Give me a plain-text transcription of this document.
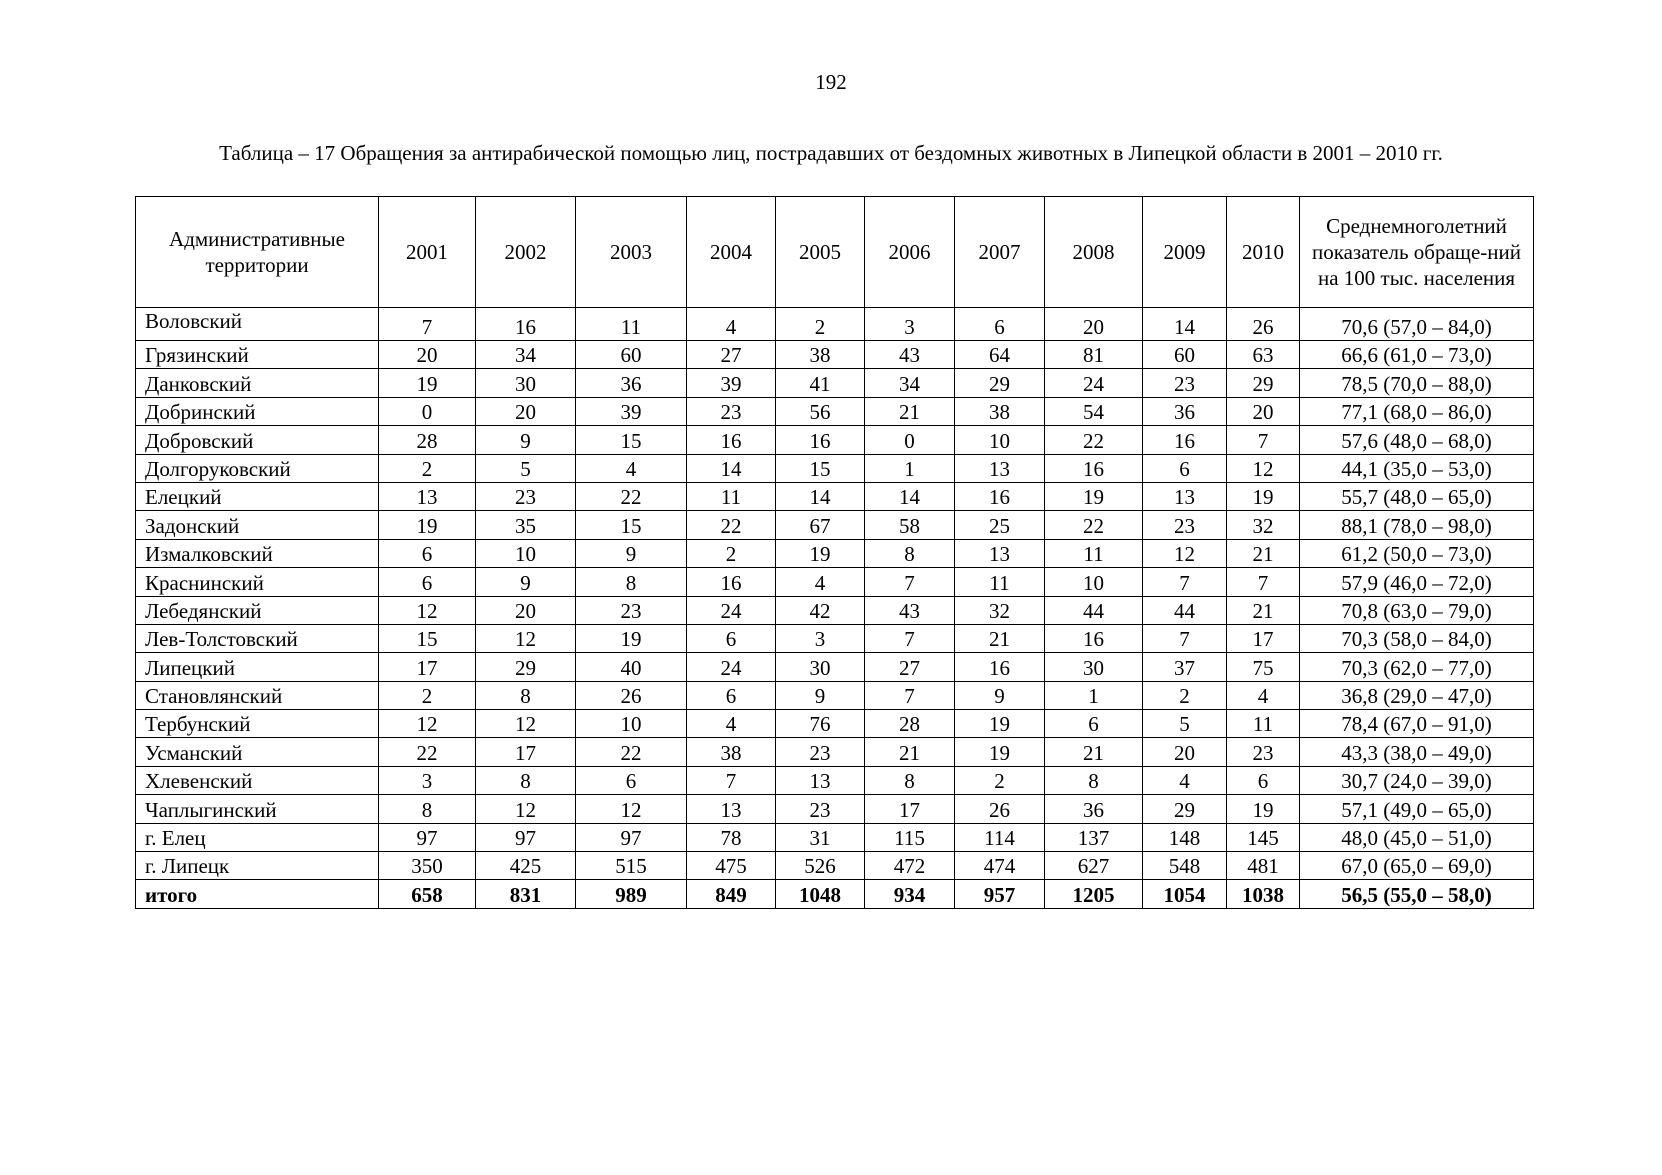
192
Таблица – 17 Обращения за антирабической помощью лиц, пострадавших от бездомных животных в Липецкой области в 2001 – 2010 гг.
Административные территории	2001	2002	2003	2004	2005	2006	2007	2008	2009	2010	Среднемноголетний показатель обраще-ний на 100 тыс. населения
Воловский	7	16	11	4	2	3	6	20	14	26	70,6 (57,0 – 84,0)
Грязинский	20	34	60	27	38	43	64	81	60	63	66,6 (61,0 – 73,0)
Данковский	19	30	36	39	41	34	29	24	23	29	78,5 (70,0 – 88,0)
Добринский	0	20	39	23	56	21	38	54	36	20	77,1 (68,0 – 86,0)
Добровский	28	9	15	16	16	0	10	22	16	7	57,6 (48,0 – 68,0)
Долгоруковский	2	5	4	14	15	1	13	16	6	12	44,1 (35,0 – 53,0)
Елецкий	13	23	22	11	14	14	16	19	13	19	55,7 (48,0 – 65,0)
Задонский	19	35	15	22	67	58	25	22	23	32	88,1 (78,0 – 98,0)
Измалковский	6	10	9	2	19	8	13	11	12	21	61,2 (50,0 – 73,0)
Краснинский	6	9	8	16	4	7	11	10	7	7	57,9 (46,0 – 72,0)
Лебедянский	12	20	23	24	42	43	32	44	44	21	70,8 (63,0 – 79,0)
Лев-Толстовский	15	12	19	6	3	7	21	16	7	17	70,3 (58,0 – 84,0)
Липецкий	17	29	40	24	30	27	16	30	37	75	70,3 (62,0 – 77,0)
Становлянский	2	8	26	6	9	7	9	1	2	4	36,8 (29,0 – 47,0)
Тербунский	12	12	10	4	76	28	19	6	5	11	78,4 (67,0 – 91,0)
Усманский	22	17	22	38	23	21	19	21	20	23	43,3 (38,0 – 49,0)
Хлевенский	3	8	6	7	13	8	2	8	4	6	30,7 (24,0 – 39,0)
Чаплыгинский	8	12	12	13	23	17	26	36	29	19	57,1 (49,0 – 65,0)
г. Елец	97	97	97	78	31	115	114	137	148	145	48,0 (45,0 – 51,0)
г. Липецк	350	425	515	475	526	472	474	627	548	481	67,0 (65,0 – 69,0)
итого	658	831	989	849	1048	934	957	1205	1054	1038	56,5 (55,0 – 58,0)
